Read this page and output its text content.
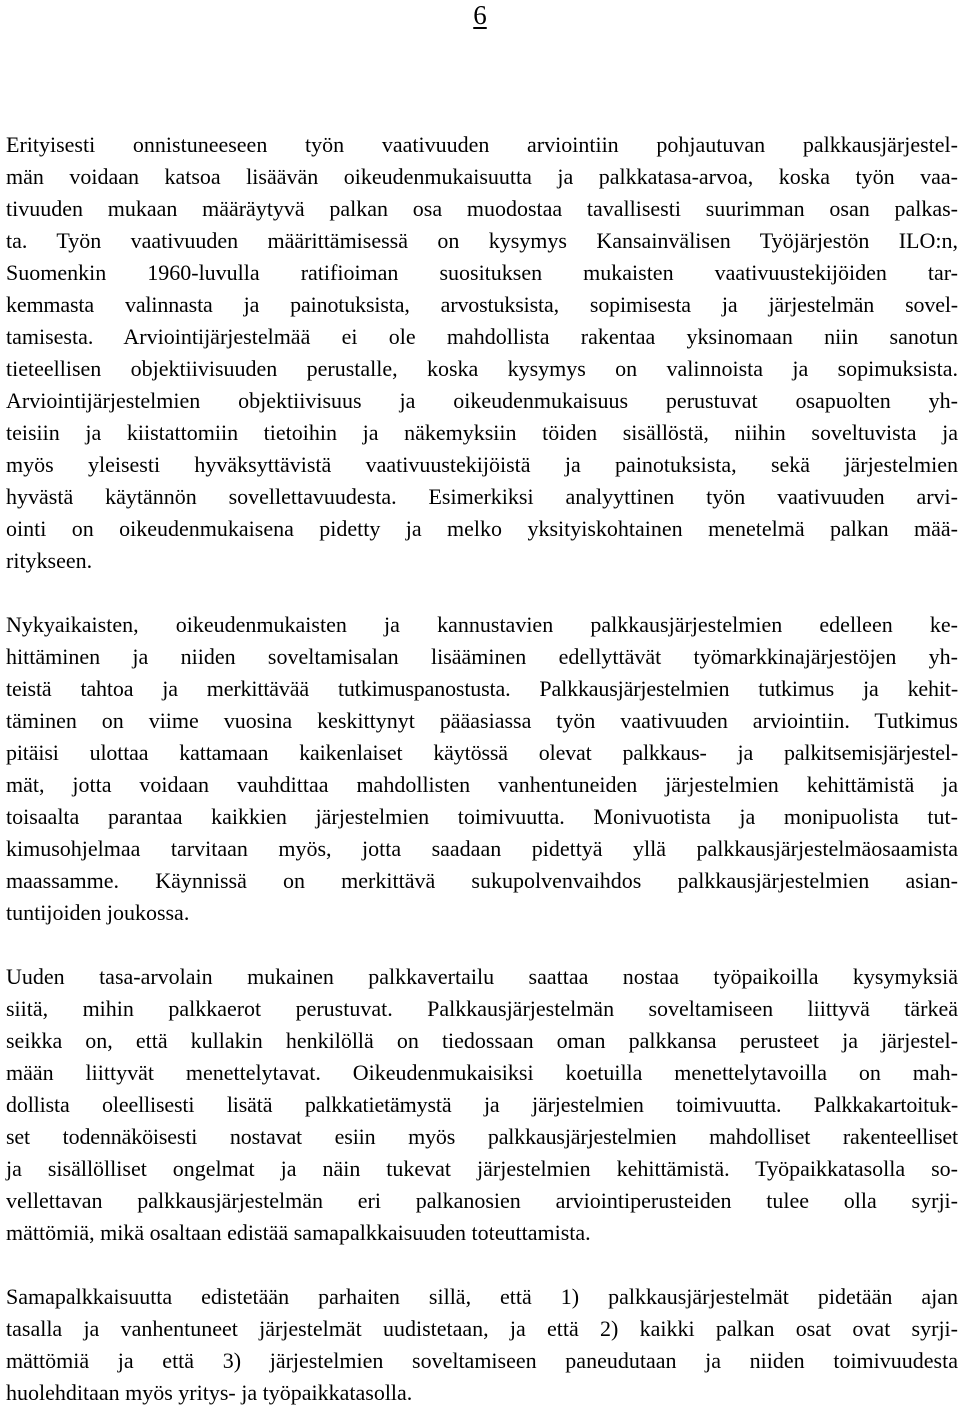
6

Erityisesti onnistuneeseen työn vaativuuden arviointiin pohjautuvan palkkausjärjestel-
män voidaan katsoa lisäävän oikeudenmukaisuutta ja palkkatasa-arvoa, koska työn vaa-
tivuuden mukaan määräytyvä palkan osa muodostaa tavallisesti suurimman osan palkas-
ta. Työn vaativuuden määrittämisessä on kysymys Kansainvälisen Työjärjestön ILO:n,
Suomenkin 1960-luvulla ratifioiman suosituksen mukaisten vaativuustekijöiden tar-
kemmasta valinnasta ja painotuksista, arvostuksista, sopimisesta ja järjestelmän sovel-
tamisesta. Arviointijärjestelmää ei ole mahdollista rakentaa yksinomaan niin sanotun
tieteellisen objektiivisuuden perustalle, koska kysymys on valinnoista ja sopimuksista.
Arviointijärjestelmien objektiivisuus ja oikeudenmukaisuus perustuvat osapuolten yh-
teisiin ja kiistattomiin tietoihin ja näkemyksiin töiden sisällöstä, niihin soveltuvista ja
myös yleisesti hyväksyttävistä vaativuustekijöistä ja painotuksista, sekä järjestelmien
hyvästä käytännön sovellettavuudesta. Esimerkiksi analyyttinen työn vaativuuden arvi-
ointi on oikeudenmukaisena pidetty ja melko yksityiskohtainen menetelmä palkan mää-
ritykseen.

Nykyaikaisten, oikeudenmukaisten ja kannustavien palkkausjärjestelmien edelleen ke-
hittäminen ja niiden soveltamisalan lisääminen edellyttävät työmarkkinajärjestöjen yh-
teistä tahtoa ja merkittävää tutkimuspanostusta. Palkkausjärjestelmien tutkimus ja kehit-
täminen on viime vuosina keskittynyt pääasiassa työn vaativuuden arviointiin. Tutkimus
pitäisi ulottaa kattamaan kaikenlaiset käytössä olevat palkkaus- ja palkitsemisjärjestel-
mät, jotta voidaan vauhdittaa mahdollisten vanhentuneiden järjestelmien kehittämistä ja
toisaalta parantaa kaikkien järjestelmien toimivuutta. Monivuotista ja monipuolista tut-
kimusohjelmaa tarvitaan myös, jotta saadaan pidettyä yllä palkkausjärjestelmäosaamista
maassamme. Käynnissä on merkittävä sukupolvenvaihdos palkkausjärjestelmien asian-
tuntijoiden joukossa.

Uuden tasa-arvolain mukainen palkkavertailu saattaa nostaa työpaikoilla kysymyksiä
siitä, mihin palkkaerot perustuvat. Palkkausjärjestelmän soveltamiseen liittyvä tärkeä
seikka on, että kullakin henkilöllä on tiedossaan oman palkkansa perusteet ja järjestel-
mään liittyvät menettelytavat. Oikeudenmukaisiksi koetuilla menettelytavoilla on mah-
dollista oleellisesti lisätä palkkatietämystä ja järjestelmien toimivuutta. Palkkakartoituk-
set todennäköisesti nostavat esiin myös palkkausjärjestelmien mahdolliset rakenteelliset
ja sisällölliset ongelmat ja näin tukevat järjestelmien kehittämistä. Työpaikkatasolla so-
vellettavan palkkausjärjestelmän eri palkanosien arviointiperusteiden tulee olla syrji-
mättömiä, mikä osaltaan edistää samapalkkaisuuden toteuttamista.

Samapalkkaisuutta edistetään parhaiten sillä, että 1) palkkausjärjestelmät pidetään ajan
tasalla ja vanhentuneet järjestelmät uudistetaan, ja että 2) kaikki palkan osat ovat syrji-
mättömiä ja että 3) järjestelmien soveltamiseen paneudutaan ja niiden toimivuudesta
huolehditaan myös yritys- ja työpaikkatasolla.
